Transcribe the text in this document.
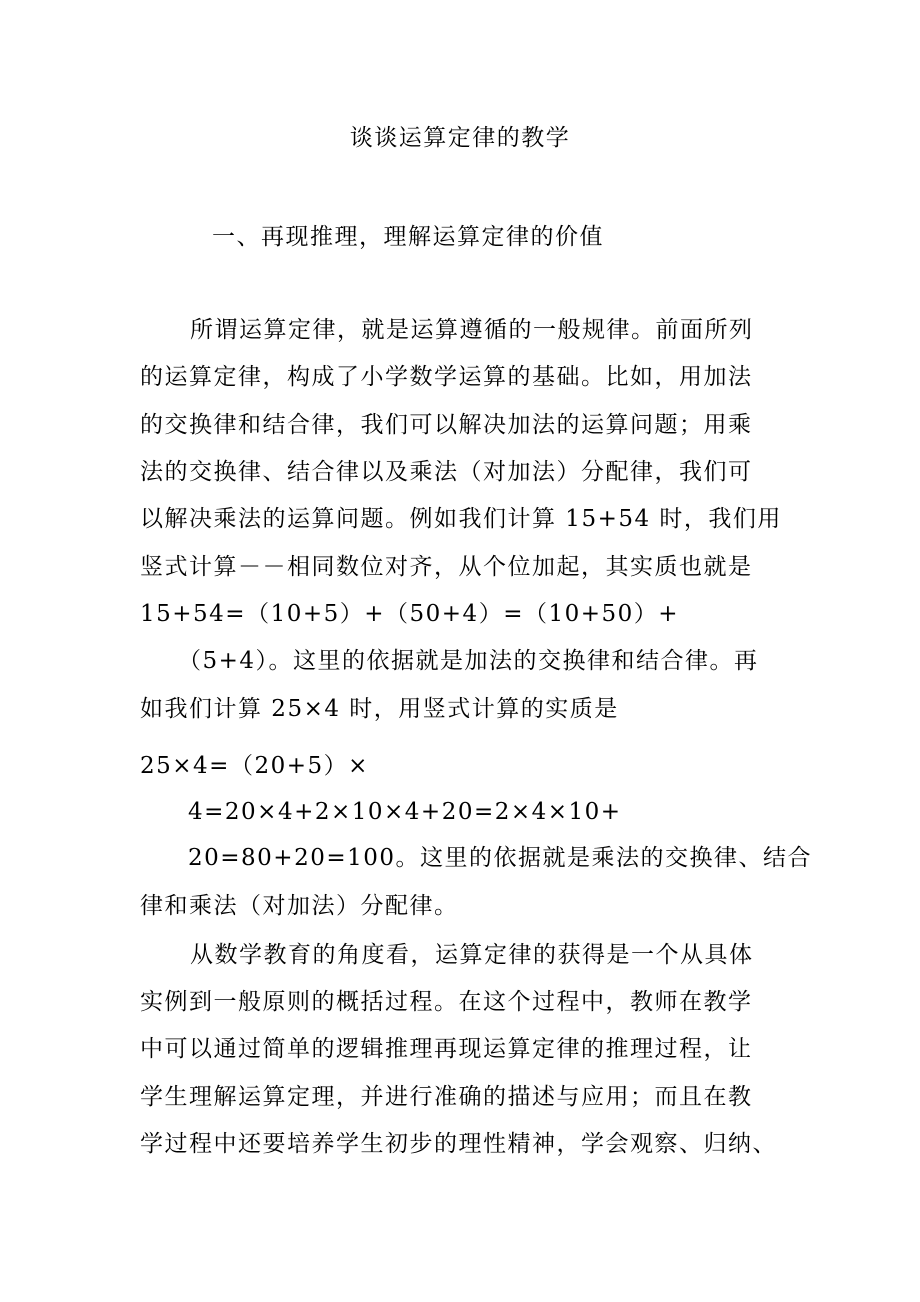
谈谈运算定律的教学
一、再现推理，理解运算定律的价值
所谓运算定律，就是运算遵循的一般规律。前面所列
的运算定律，构成了小学数学运算的基础。比如，用加法
的交换律和结合律，我们可以解决加法的运算问题；用乘
法的交换律、结合律以及乘法（对加法）分配律，我们可
以解决乘法的运算问题。例如我们计算 15+54 时，我们用
竖式计算－－相同数位对齐，从个位加起，其实质也就是
15+54=（10+5）+（50+4）=（10+50）+
（5+4）。这里的依据就是加法的交换律和结合律。再
如我们计算 25×4 时，用竖式计算的实质是
25×4=（20+5）×
4=20×4+2×10×4+20=2×4×10+
20=80+20=100。这里的依据就是乘法的交换律、结合
律和乘法（对加法）分配律。
从数学教育的角度看，运算定律的获得是一个从具体
实例到一般原则的概括过程。在这个过程中，教师在教学
中可以通过简单的逻辑推理再现运算定律的推理过程，让
学生理解运算定理，并进行准确的描述与应用；而且在教
学过程中还要培养学生初步的理性精神，学会观察、归纳、
